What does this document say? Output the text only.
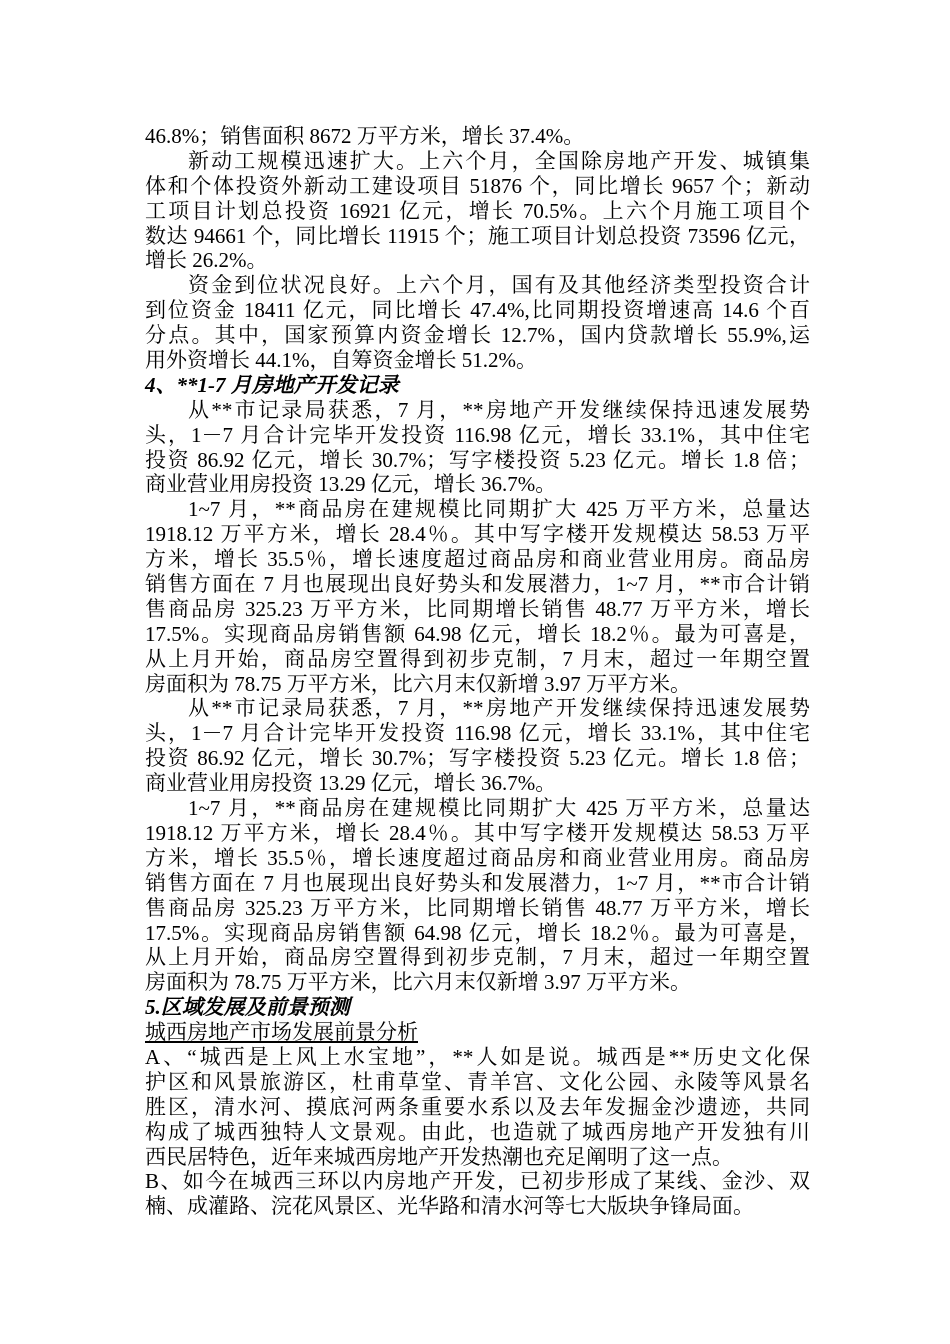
46.8%；销售面积 8672 万平方米，增长 37.4%。
新动工规模迅速扩大。上六个月，全国除房地产开发、城镇集
体和个体投资外新动工建设项目 51876 个，同比增长 9657 个；新动
工项目计划总投资 16921 亿元，增长 70.5%。上六个月施工项目个
数达 94661 个，同比增长 11915 个；施工项目计划总投资 73596 亿元，
增长 26.2%。
资金到位状况良好。上六个月，国有及其他经济类型投资合计
到位资金 18411 亿元，同比增长 47.4%,比同期投资增速高 14.6 个百
分点。其中，国家预算内资金增长 12.7%，国内贷款增长 55.9%,运
用外资增长 44.1%，自筹资金增长 51.2%。
4、**1-7 月房地产开发记录
从**市记录局获悉，7 月，**房地产开发继续保持迅速发展势
头，1－7 月合计完毕开发投资 116.98 亿元，增长 33.1%，其中住宅
投资 86.92 亿元，增长 30.7%；写字楼投资 5.23 亿元。增长 1.8 倍；
商业营业用房投资 13.29 亿元，增长 36.7%。
1~7 月，**商品房在建规模比同期扩大 425 万平方米，总量达
1918.12 万平方米，增长 28.4％。其中写字楼开发规模达 58.53 万平
方米，增长 35.5％，增长速度超过商品房和商业营业用房。商品房
销售方面在 7 月也展现出良好势头和发展潜力，1~7 月，**市合计销
售商品房 325.23 万平方米，比同期增长销售 48.77 万平方米，增长
17.5%。实现商品房销售额 64.98 亿元，增长 18.2％。最为可喜是，
从上月开始，商品房空置得到初步克制，7 月末，超过一年期空置
房面积为 78.75 万平方米，比六月末仅新增 3.97 万平方米。
从**市记录局获悉，7 月，**房地产开发继续保持迅速发展势
头，1－7 月合计完毕开发投资 116.98 亿元，增长 33.1%，其中住宅
投资 86.92 亿元，增长 30.7%；写字楼投资 5.23 亿元。增长 1.8 倍；
商业营业用房投资 13.29 亿元，增长 36.7%。
1~7 月，**商品房在建规模比同期扩大 425 万平方米，总量达
1918.12 万平方米，增长 28.4％。其中写字楼开发规模达 58.53 万平
方米，增长 35.5％，增长速度超过商品房和商业营业用房。商品房
销售方面在 7 月也展现出良好势头和发展潜力，1~7 月，**市合计销
售商品房 325.23 万平方米，比同期增长销售 48.77 万平方米，增长
17.5%。实现商品房销售额 64.98 亿元，增长 18.2％。最为可喜是，
从上月开始，商品房空置得到初步克制，7 月末，超过一年期空置
房面积为 78.75 万平方米，比六月末仅新增 3.97 万平方米。
5.区域发展及前景预测
城西房地产市场发展前景分析
A、“城西是上风上水宝地”，**人如是说。城西是**历史文化保
护区和风景旅游区，杜甫草堂、青羊宫、文化公园、永陵等风景名
胜区，清水河、摸底河两条重要水系以及去年发掘金沙遗迹，共同
构成了城西独特人文景观。由此，也造就了城西房地产开发独有川
西民居特色，近年来城西房地产开发热潮也充足阐明了这一点。
B、如今在城西三环以内房地产开发，已初步形成了某线、金沙、双
楠、成灌路、浣花风景区、光华路和清水河等七大版块争锋局面。
